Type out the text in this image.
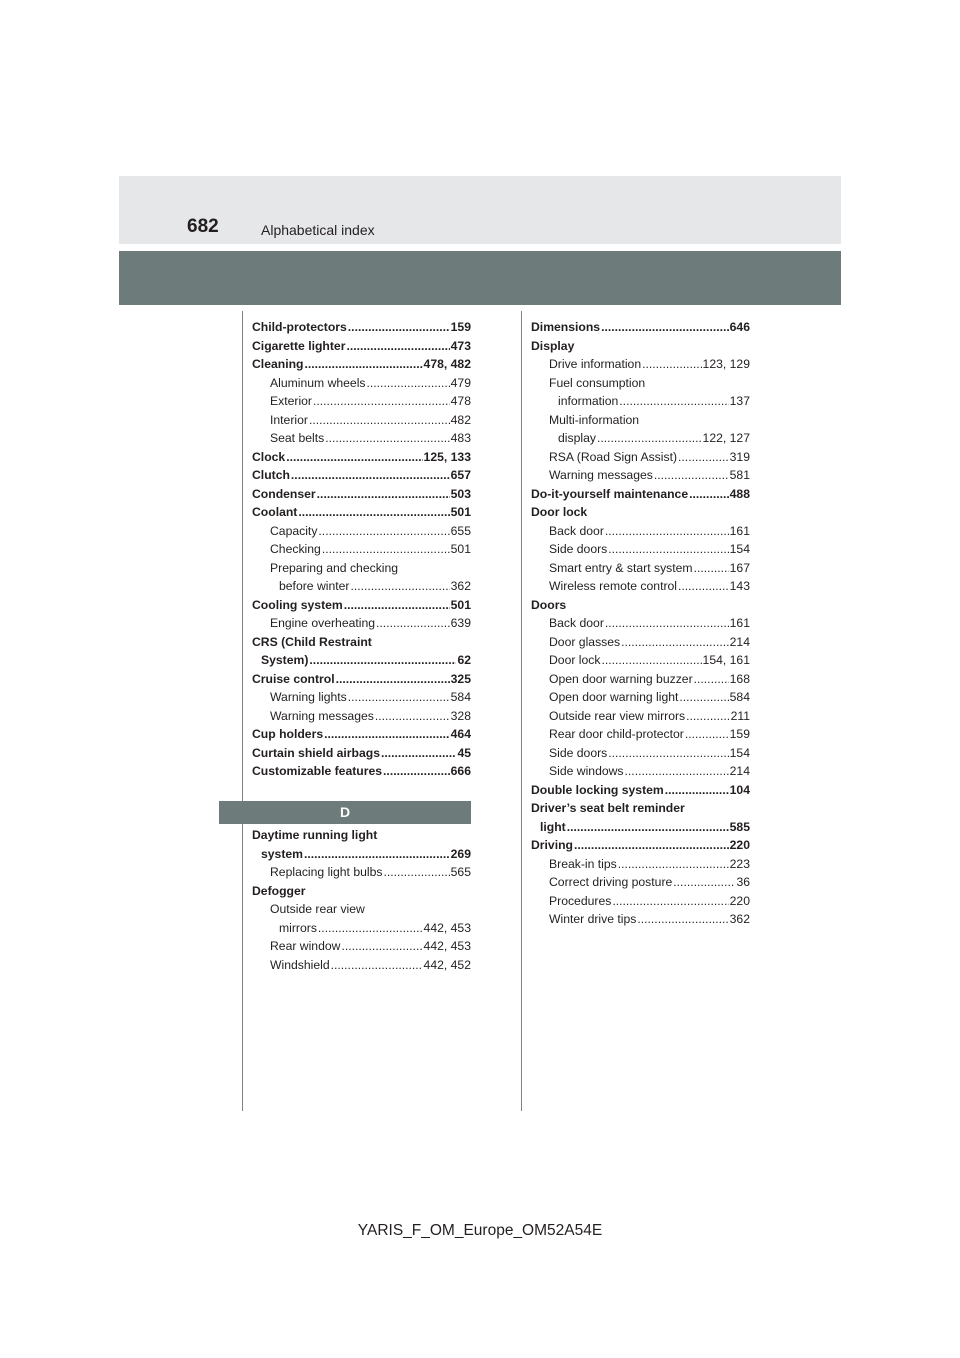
682	Alphabetical index
Child-protectors .....	159
Cigarette lighter .....	473
Cleaning .....	478, 482
Aluminum wheels .....	479
Exterior .....	478
Interior .....	482
Seat belts .....	483
Clock .....	125, 133
Clutch .....	657
Condenser .....	503
Coolant .....	501
Capacity .....	655
Checking .....	501
Preparing and checking
before winter .....	362
Cooling system .....	501
Engine overheating .....	639
CRS (Child Restraint
System) .....	62
Cruise control .....	325
Warning lights .....	584
Warning messages .....	328
Cup holders .....	464
Curtain shield airbags .....	45
Customizable features .....	666
D
Daytime running light
system .....	269
Replacing light bulbs .....	565
Defogger
Outside rear view
mirrors .....	442, 453
Rear window .....	442, 453
Windshield .....	442, 452
Dimensions .....	646
Display
Drive information .....	123, 129
Fuel consumption
information .....	137
Multi-information
display .....	122, 127
RSA (Road Sign Assist) .....	319
Warning messages .....	581
Do-it-yourself maintenance .....	488
Door lock
Back door .....	161
Side doors .....	154
Smart entry & start system .....	167
Wireless remote control .....	143
Doors
Back door .....	161
Door glasses .....	214
Door lock .....	154, 161
Open door warning buzzer .....	168
Open door warning light .....	584
Outside rear view mirrors .....	211
Rear door child-protector .....	159
Side doors .....	154
Side windows .....	214
Double locking system .....	104
Driver’s seat belt reminder
light .....	585
Driving .....	220
Break-in tips .....	223
Correct driving posture .....	36
Procedures .....	220
Winter drive tips .....	362
YARIS_F_OM_Europe_OM52A54E
